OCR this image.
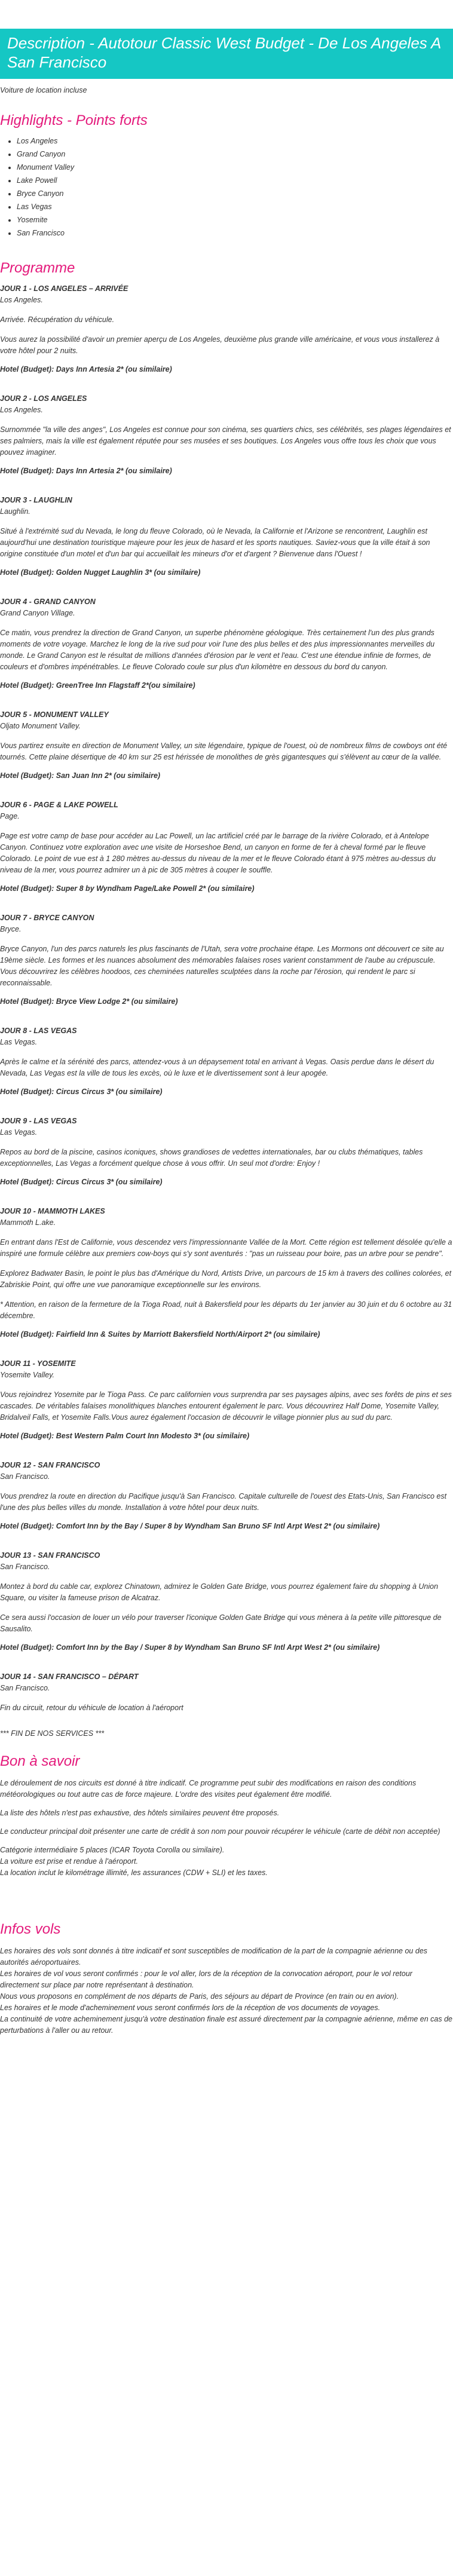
Description - Autotour Classic West Budget - De Los Angeles A San Francisco
Voiture de location incluse
Highlights - Points forts
• Los Angeles
• Grand Canyon
• Monument Valley
• Lake Powell
• Bryce Canyon
• Las Vegas
• Yosemite
• San Francisco
Programme
JOUR 1 - LOS ANGELES – ARRIVÉE
Los Angeles.
Arrivée. Récupération du véhicule.
Vous aurez la possibilité d'avoir un premier aperçu de Los Angeles, deuxième plus grande ville américaine, et vous vous installerez à votre hôtel pour 2 nuits.
Hotel (Budget): Days Inn Artesia 2* (ou similaire)
JOUR 2 - LOS ANGELES
Los Angeles.
Surnommée "la ville des anges", Los Angeles est connue pour son cinéma, ses quartiers chics, ses célébrités, ses plages légendaires et ses palmiers, mais la ville est également réputée pour ses musées et ses boutiques. Los Angeles vous offre tous les choix que vous pouvez imaginer.
Hotel (Budget): Days Inn Artesia 2* (ou similaire)
JOUR 3 - LAUGHLIN
Laughlin.
Situé à l'extrémité sud du Nevada, le long du fleuve Colorado, où le Nevada, la Californie et l'Arizone se rencontrent, Laughlin est aujourd'hui une destination touristique majeure pour les jeux de hasard et les sports nautiques. Saviez-vous que la ville était à son origine constituée d'un motel et d'un bar qui accueillait les mineurs d'or et d'argent ? Bienvenue dans l'Ouest !
Hotel (Budget): Golden Nugget Laughlin 3* (ou similaire)
JOUR 4 - GRAND CANYON
Grand Canyon Village.
Ce matin, vous prendrez la direction de Grand Canyon, un superbe phénomène géologique. Très certainement l'un des plus grands moments de votre voyage. Marchez le long de la rive sud pour voir l'une des plus belles et des plus impressionnantes merveilles du monde. Le Grand Canyon est le résultat de millions d'années d'érosion par le vent et l'eau. C'est une étendue infinie de formes, de couleurs et d'ombres impénétrables. Le fleuve Colorado coule sur plus d'un kilomètre en dessous du bord du canyon.
Hotel (Budget): GreenTree Inn Flagstaff 2*(ou similaire)
JOUR 5 - MONUMENT VALLEY
Oljato Monument Valley.
Vous partirez ensuite en direction de Monument Valley, un site légendaire, typique de l'ouest, où de nombreux films de cowboys ont été tournés. Cette plaine désertique de 40 km sur 25 est hérissée de monolithes de grès gigantesques qui s'élèvent au cœur de la vallée.
Hotel (Budget): San Juan Inn 2* (ou similaire)
JOUR 6 - PAGE & LAKE POWELL
Page.
Page est votre camp de base pour accéder au Lac Powell, un lac artificiel créé par le barrage de la rivière Colorado, et à Antelope Canyon. Continuez votre exploration avec une visite de Horseshoe Bend, un canyon en forme de fer à cheval formé par le fleuve Colorado. Le point de vue est à 1 280 mètres au-dessus du niveau de la mer et le fleuve Colorado étant à 975 mètres au-dessus du niveau de la mer, vous pourrez admirer un à pic de 305 mètres à couper le souffle.
Hotel (Budget): Super 8 by Wyndham Page/Lake Powell 2* (ou similaire)
JOUR 7 - BRYCE CANYON
Bryce.
Bryce Canyon, l'un des parcs naturels les plus fascinants de l'Utah, sera votre prochaine étape. Les Mormons ont découvert ce site au 19ème siècle. Les formes et les nuances absolument des mémorables falaises roses varient constamment de l'aube au crépuscule. Vous découvrirez les célèbres hoodoos, ces cheminées naturelles sculptées dans la roche par l'érosion, qui rendent le parc si reconnaissable.
Hotel (Budget): Bryce View Lodge 2* (ou similaire)
JOUR 8 - LAS VEGAS
Las Vegas.
Après le calme et la sérénité des parcs, attendez-vous à un dépaysement total en arrivant à Vegas. Oasis perdue dans le désert du Nevada, Las Vegas est la ville de tous les excès, où le luxe et le divertissement sont à leur apogée.
Hotel (Budget): Circus Circus 3* (ou similaire)
JOUR 9 - LAS VEGAS
Las Vegas.
Repos au bord de la piscine, casinos iconiques, shows grandioses de vedettes internationales, bar ou clubs thématiques, tables exceptionnelles, Las Vegas a forcément quelque chose à vous offrir. Un seul mot d'ordre: Enjoy !
Hotel (Budget): Circus Circus 3* (ou similaire)
JOUR 10 - MAMMOTH LAKES
Mammoth L.ake.
En entrant dans l'Est de Californie, vous descendez vers l'impressionnante Vallée de la Mort. Cette région est tellement désolée qu'elle a inspiré une formule célèbre aux premiers cow-boys qui s'y sont aventurés : "pas un ruisseau pour boire, pas un arbre pour se pendre".
Explorez Badwater Basin, le point le plus bas d'Amérique du Nord, Artists Drive, un parcours de 15 km à travers des collines colorées, et Zabriskie Point, qui offre une vue panoramique exceptionnelle sur les environs.
* Attention, en raison de la fermeture de la Tioga Road, nuit à Bakersfield pour les départs du 1er janvier au 30 juin et du 6 octobre au 31 décembre.
Hotel (Budget): Fairfield Inn & Suites by Marriott Bakersfield North/Airport 2* (ou similaire)
JOUR 11 - YOSEMITE
Yosemite Valley.
Vous rejoindrez Yosemite par le Tioga Pass. Ce parc californien vous surprendra par ses paysages alpins, avec ses forêts de pins et ses cascades. De véritables falaises monolithiques blanches entourent également le parc. Vous découvrirez Half Dome, Yosemite Valley, Bridalveil Falls, et Yosemite Falls.Vous aurez également l'occasion de découvrir le village pionnier plus au sud du parc.
Hotel (Budget): Best Western Palm Court Inn Modesto 3* (ou similaire)
JOUR 12 - SAN FRANCISCO
San Francisco.
Vous prendrez la route en direction du Pacifique jusqu'à San Francisco. Capitale culturelle de l'ouest des Etats-Unis, San Francisco est l'une des plus belles villes du monde. Installation à votre hôtel pour deux nuits.
Hotel (Budget): Comfort Inn by the Bay / Super 8 by Wyndham San Bruno SF Intl Arpt West 2* (ou similaire)
JOUR 13 - SAN FRANCISCO
San Francisco.
Montez à bord du cable car, explorez Chinatown, admirez le Golden Gate Bridge, vous pourrez également faire du shopping à Union Square, ou visiter la fameuse prison de Alcatraz.
Ce sera aussi l'occasion de louer un vélo pour traverser l'iconique Golden Gate Bridge qui vous mènera à la petite ville pittoresque de Sausalito.
Hotel (Budget): Comfort Inn by the Bay / Super 8 by Wyndham San Bruno SF Intl Arpt West 2* (ou similaire)
JOUR 14 - SAN FRANCISCO – DÉPART
San Francisco.
Fin du circuit, retour du véhicule de location à l'aéroport
*** FIN DE NOS SERVICES ***
Bon à savoir
Le déroulement de nos circuits est donné à titre indicatif. Ce programme peut subir des modifications en raison des conditions météorologiques ou tout autre cas de force majeure. L'ordre des visites peut également être modifié.
La liste des hôtels n'est pas exhaustive, des hôtels similaires peuvent être proposés.
Le conducteur principal doit présenter une carte de crédit à son nom pour pouvoir récupérer le véhicule (carte de débit non acceptée)
Catégorie intermédiaire 5 places (ICAR Toyota Corolla ou similaire).
La voiture est prise et rendue à l'aéroport.
La location inclut le kilométrage illimité, les assurances (CDW + SLI) et les taxes.
Infos vols
Les horaires des vols sont donnés à titre indicatif et sont susceptibles de modification de la part de la compagnie aérienne ou des autorités aéroportuaires.
Les horaires de vol vous seront confirmés : pour le vol aller, lors de la réception de la convocation aéroport, pour le vol retour directement sur place par notre représentant à destination.
Nous vous proposons en complément de nos départs de Paris, des séjours au départ de Province (en train ou en avion).
Les horaires et le mode d'acheminement vous seront confirmés lors de la réception de vos documents de voyages.
La continuité de votre acheminement jusqu'à votre destination finale est assuré directement par la compagnie aérienne, même en cas de perturbations à l'aller ou au retour.
